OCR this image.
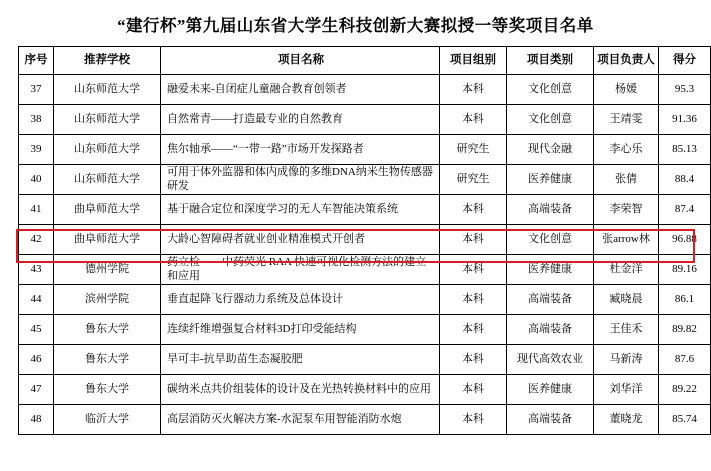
“建行杯”第九届山东省大学生科技创新大赛拟授一等奖项目名单
序号	推荐学校	项目名称	项目组别	项目类别	项目负责人	得分
37	山东师范大学	融爱未来-自闭症儿童融合教育创领者	本科	文化创意	杨媛	95.3
38	山东师范大学	自然常青——打造最专业的自然教育	本科	文化创意	王靖雯	91.36
39	山东师范大学	焦尔轴承——“一带一路”市场开发探路者	研究生	现代金融	李心乐	85.13
40	山东师范大学	可用于体外监器和体内成像的多维DNA纳米生物传感器研发	研究生	医养健康	张倩	88.4
41	曲阜师范大学	基于融合定位和深度学习的无人车智能决策系统	本科	高端装备	李荣智	87.4
42	曲阜师范大学	大龄心智障碍者就业创业精准模式开创者	本科	文化创意	张arrow林	96.88
43	德州学院	药立检——中药荧光 RAA 快速可视化检测方法的建立和应用	本科	医养健康	杜金洋	89.16
44	滨州学院	垂直起降飞行器动力系统及总体设计	本科	高端装备	臧晓晨	86.1
45	鲁东大学	连续纤维增强复合材料3D打印受能结构	本科	高端装备	王佳禾	89.82
46	鲁东大学	旱可丰-抗旱助苗生态凝胶肥	本科	现代高效农业	马新涛	87.6
47	鲁东大学	碳纳米点共价组装体的设计及在光热转换材料中的应用	本科	医养健康	刘华洋	89.22
48	临沂大学	高层消防灭火解决方案-水泥泵车用智能消防水炮	本科	高端装备	董晓龙	85.74
